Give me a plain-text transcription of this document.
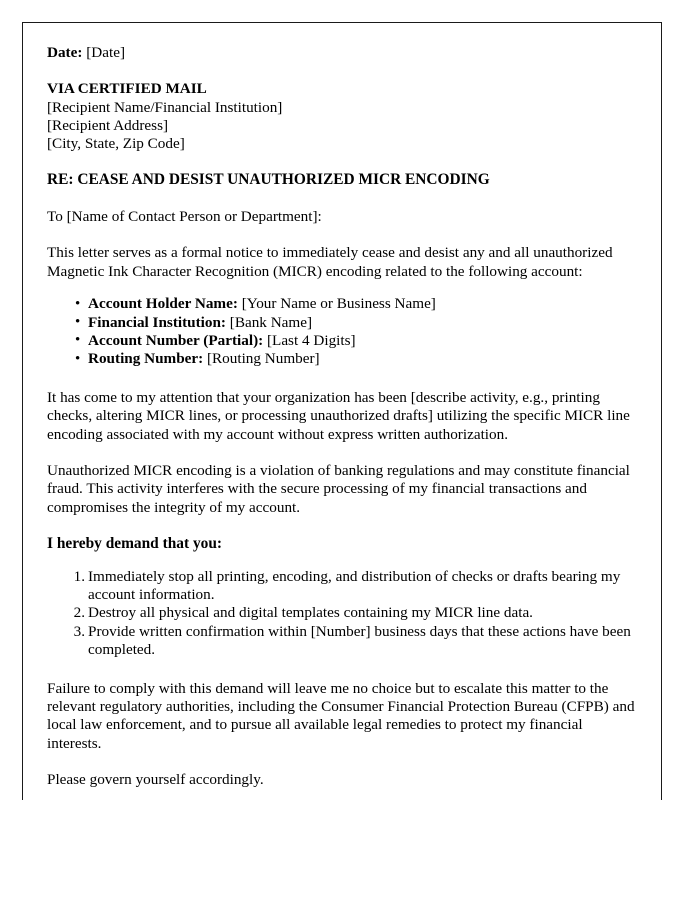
Date: [Date]
VIA CERTIFIED MAIL
[Recipient Name/Financial Institution]
[Recipient Address]
[City, State, Zip Code]
RE: CEASE AND DESIST UNAUTHORIZED MICR ENCODING
To [Name of Contact Person or Department]:

This letter serves as a formal notice to immediately cease and desist any and all unauthorized Magnetic Ink Character Recognition (MICR) encoding related to the following account:

• Account Holder Name: [Your Name or Business Name]
• Financial Institution: [Bank Name]
• Account Number (Partial): [Last 4 Digits]
• Routing Number: [Routing Number]

It has come to my attention that your organization has been [describe activity, e.g., printing checks, altering MICR lines, or processing unauthorized drafts] utilizing the specific MICR line encoding associated with my account without express written authorization.

Unauthorized MICR encoding is a violation of banking regulations and may constitute financial fraud. This activity interferes with the secure processing of my financial transactions and compromises the integrity of my account.

I hereby demand that you:
Immediately stop all printing, encoding, and distribution of checks or drafts bearing my account information.
Destroy all physical and digital templates containing my MICR line data.
Provide written confirmation within [Number] business days that these actions have been completed.

Failure to comply with this demand will leave me no choice but to escalate this matter to the relevant regulatory authorities, including the Consumer Financial Protection Bureau (CFPB) and local law enforcement, and to pursue all available legal remedies to protect my financial interests.

Please govern yourself accordingly.
